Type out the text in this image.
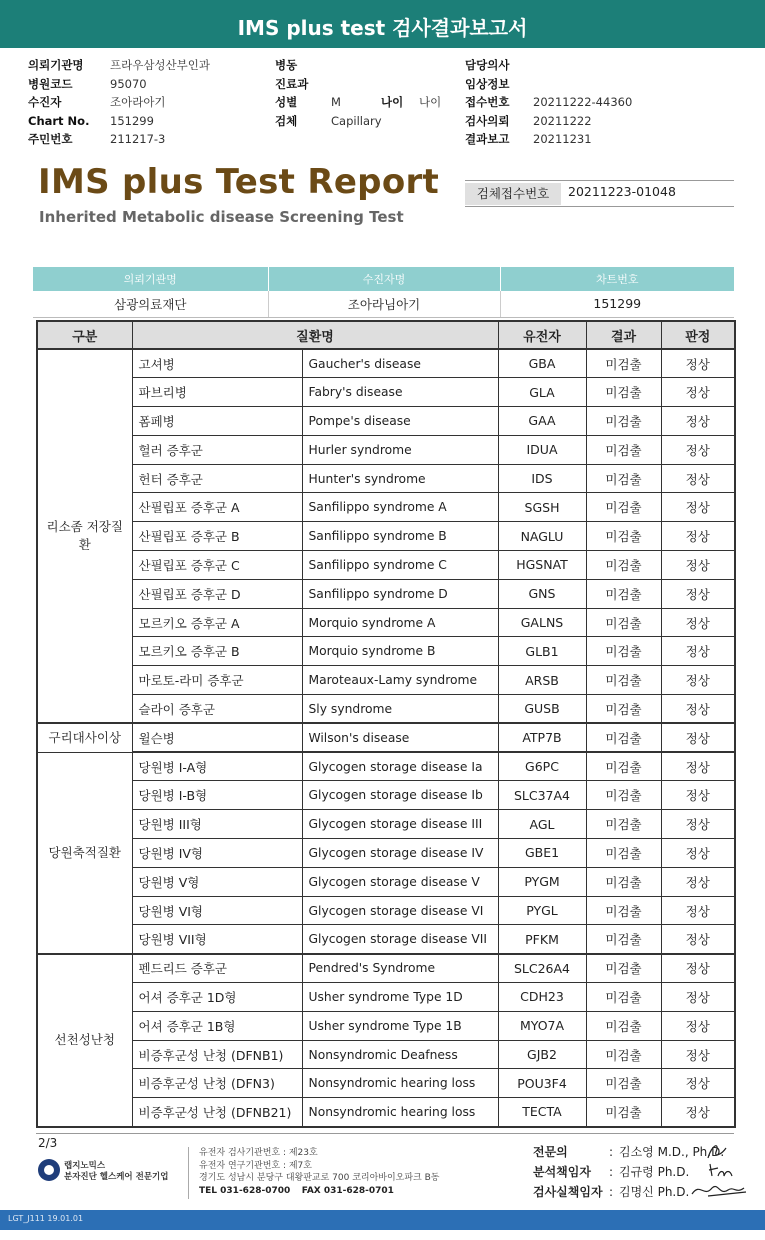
IMS plus test 검사결과보고서
의뢰기관명 프라우삼성산부인과
병원코드	95070
수진자	조아라아기
Chart No. 151299
주민번호	211217-3
병동
진료과
성별	M	나이 나이
검체	Capillary
담당의사
임상정보
접수번호 20211222-44360
검사의뢰 20211222
결과보고 20211231
IMS plus Test Report
Inherited Metabolic disease Screening Test
검체접수번호	20211223-01048
의뢰기관명	수진자명	차트번호
삼광의료재단	조아라님아기	151299
구분	질환명		유전자	결과	판정
리소좀 저장질환	고셔병	Gaucher's disease	GBA	미검출	정상
	파브리병	Fabry's disease	GLA	미검출	정상
	폼페병	Pompe's disease	GAA	미검출	정상
	헐러 증후군	Hurler syndrome	IDUA	미검출	정상
	헌터 증후군	Hunter's syndrome	IDS	미검출	정상
	산필립포 증후군 A	Sanfilippo syndrome A	SGSH	미검출	정상
	산필립포 증후군 B	Sanfilippo syndrome B	NAGLU	미검출	정상
	산필립포 증후군 C	Sanfilippo syndrome C	HGSNAT	미검출	정상
	산필립포 증후군 D	Sanfilippo syndrome D	GNS	미검출	정상
	모르키오 증후군 A	Morquio syndrome A	GALNS	미검출	정상
	모르키오 증후군 B	Morquio syndrome B	GLB1	미검출	정상
	마로토-라미 증후군	Maroteaux-Lamy syndrome	ARSB	미검출	정상
	슬라이 증후군	Sly syndrome	GUSB	미검출	정상
구리대사이상	윌슨병	Wilson's disease	ATP7B	미검출	정상
당원축적질환	당원병 I-A형	Glycogen storage disease Ia	G6PC	미검출	정상
	당원병 I-B형	Glycogen storage disease Ib	SLC37A4	미검출	정상
	당원병 III형	Glycogen storage disease III	AGL	미검출	정상
	당원병 IV형	Glycogen storage disease IV	GBE1	미검출	정상
	당원병 V형	Glycogen storage disease V	PYGM	미검출	정상
	당원병 VI형	Glycogen storage disease VI	PYGL	미검출	정상
	당원병 VII형	Glycogen storage disease VII	PFKM	미검출	정상
선천성난청	펜드리드 증후군	Pendred's Syndrome	SLC26A4	미검출	정상
	어셔 증후군 1D형	Usher syndrome Type 1D	CDH23	미검출	정상
	어셔 증후군 1B형	Usher syndrome Type 1B	MYO7A	미검출	정상
	비증후군성 난청 (DFNB1)	Nonsyndromic Deafness	GJB2	미검출	정상
	비증후군성 난청 (DFN3)	Nonsyndromic hearing loss	POU3F4	미검출	정상
	비증후군성 난청 (DFNB21)	Nonsyndromic hearing loss	TECTA	미검출	정상
2/3
랩지노믹스
분자진단 헬스케어 전문기업
유전자 검사기관번호 : 제23호
유전자 연구기관번호 : 제7호
경기도 성남시 분당구 대왕판교로 700 코리아바이오파크 B동
TEL 031-628-0700 FAX 031-628-0701
전문의	: 김소영 M.D., Ph.D.
분석책임자 : 김규령 Ph.D.
검사실책임자 : 김명신 Ph.D.
LGT_J111 19.01.01
